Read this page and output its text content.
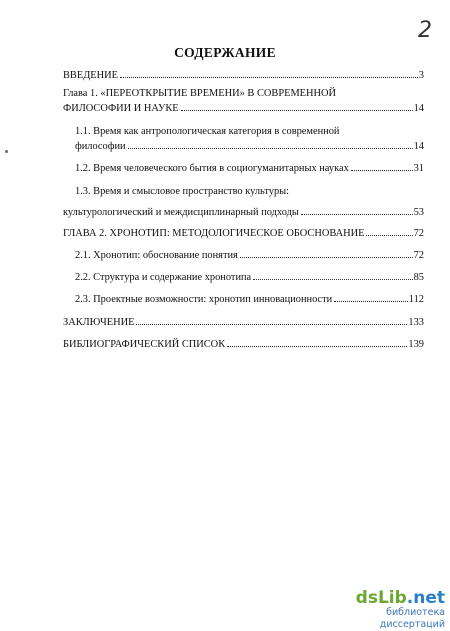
2
СОДЕРЖАНИЕ
ВВЕДЕНИЕ	3
Глава 1. «ПЕРЕОТКРЫТИЕ ВРЕМЕНИ» В СОВРЕМЕННОЙ
ФИЛОСОФИИ И НАУКЕ	14
1.1. Время как антропологическая категория в современной
философии	14
1.2. Время человеческого бытия в социогуманитарных науках	31
1.3. Время и смысловое пространство культуры:
культурологический и междисциплинарный подходы	53
ГЛАВА 2. ХРОНОТИП: МЕТОДОЛОГИЧЕСКОЕ ОБОСНОВАНИЕ	72
2.1. Хронотип: обоснование понятия	72
2.2. Структура и содержание хронотипа	85
2.3. Проектные возможности: хронотип инновационности	112
ЗАКЛЮЧЕНИЕ	133
БИБЛИОГРАФИЧЕСКИЙ СПИСОК	139
dsLib.net
библиотека диссертаций
